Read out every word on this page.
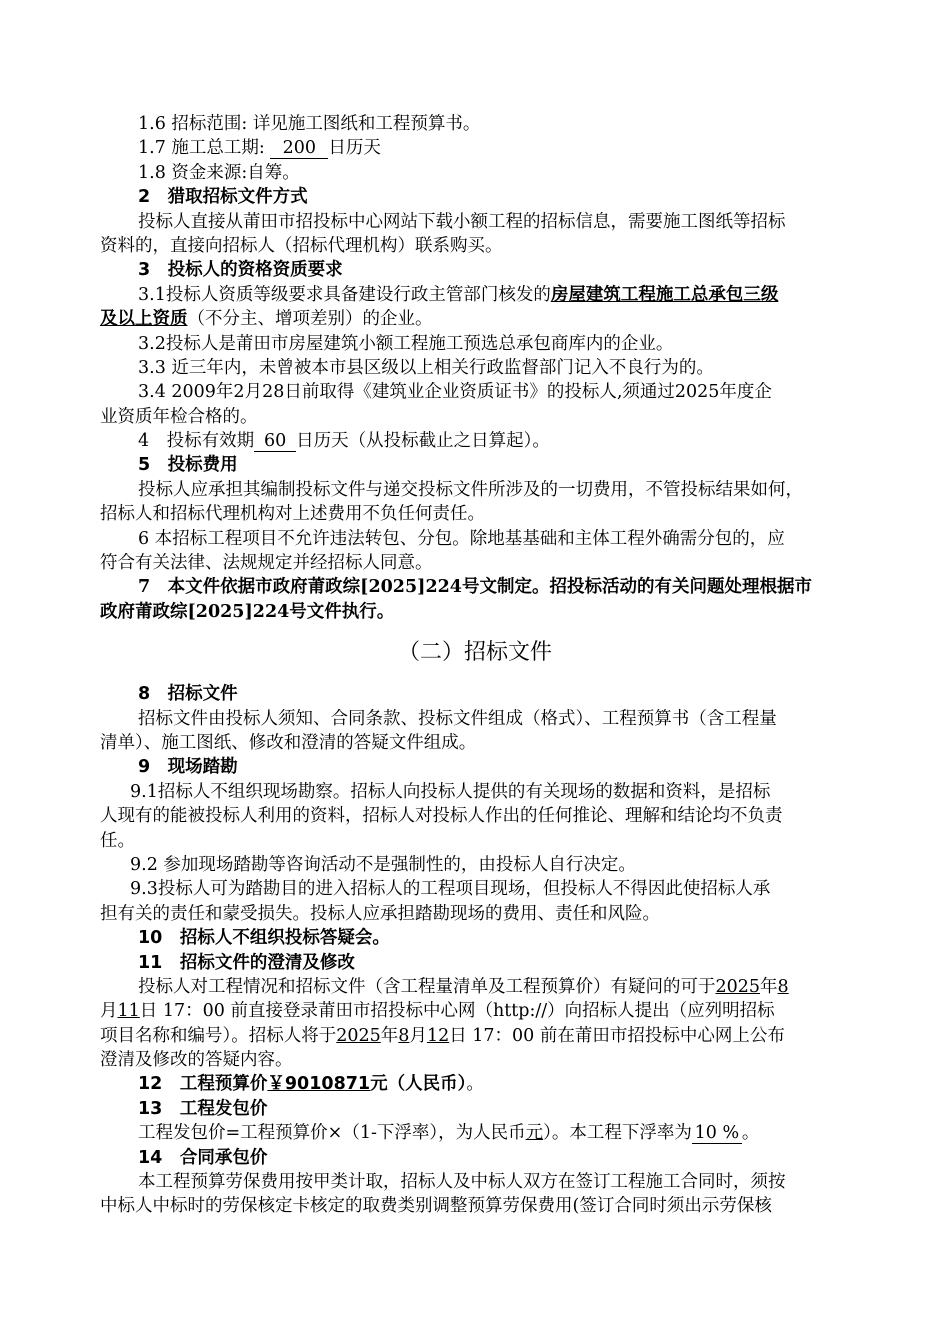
1.6 招标范围: 详见施工图纸和工程预算书。
1.7 施工总工期: 200 日历天
1.8 资金来源:自筹。
2　猎取招标文件方式
投标人直接从莆田市招投标中心网站下载小额工程的招标信息，需要施工图纸等招标
资料的，直接向招标人（招标代理机构）联系购买。
3　投标人的资格资质要求
3.1投标人资质等级要求具备建设行政主管部门核发的房屋建筑工程施工总承包三级
及以上资质（不分主、增项差别）的企业。
3.2投标人是莆田市房屋建筑小额工程施工预选总承包商库内的企业。
3.3 近三年内，未曾被本市县区级以上相关行政监督部门记入不良行为的。
3.4 2009年2月28日前取得《建筑业企业资质证书》的投标人,须通过2025年度企
业资质年检合格的。
4　投标有效期 60 日历天（从投标截止之日算起）。
5　投标费用
投标人应承担其编制投标文件与递交投标文件所涉及的一切费用，不管投标结果如何，
招标人和招标代理机构对上述费用不负任何责任。
6 本招标工程项目不允许违法转包、分包。除地基基础和主体工程外确需分包的，应
符合有关法律、法规规定并经招标人同意。
7　本文件依据市政府莆政综[2025]224号文制定。招投标活动的有关问题处理根据市
政府莆政综[2025]224号文件执行。
（二）招标文件
8　招标文件
招标文件由投标人须知、合同条款、投标文件组成（格式）、工程预算书（含工程量
清单）、施工图纸、修改和澄清的答疑文件组成。
9　现场踏勘
9.1招标人不组织现场勘察。招标人向投标人提供的有关现场的数据和资料，是招标
人现有的能被投标人利用的资料，招标人对投标人作出的任何推论、理解和结论均不负责
任。
9.2 参加现场踏勘等咨询活动不是强制性的，由投标人自行决定。
9.3投标人可为踏勘目的进入招标人的工程项目现场，但投标人不得因此使招标人承
担有关的责任和蒙受损失。投标人应承担踏勘现场的费用、责任和风险。
10　招标人不组织投标答疑会。
11　招标文件的澄清及修改
投标人对工程情况和招标文件（含工程量清单及工程预算价）有疑问的可于2025年8
月11日 17：00 前直接登录莆田市招投标中心网（http://）向招标人提出（应列明招标
项目名称和编号）。招标人将于2025年8月12日 17：00 前在莆田市招投标中心网上公布
澄清及修改的答疑内容。
12　工程预算价￥9010871元（人民币）。
13　工程发包价
工程发包价=工程预算价×（1-下浮率），为人民币元）。本工程下浮率为 10 % 。
14　合同承包价
本工程预算劳保费用按甲类计取，招标人及中标人双方在签订工程施工合同时，须按
中标人中标时的劳保核定卡核定的取费类别调整预算劳保费用(签订合同时须出示劳保核
